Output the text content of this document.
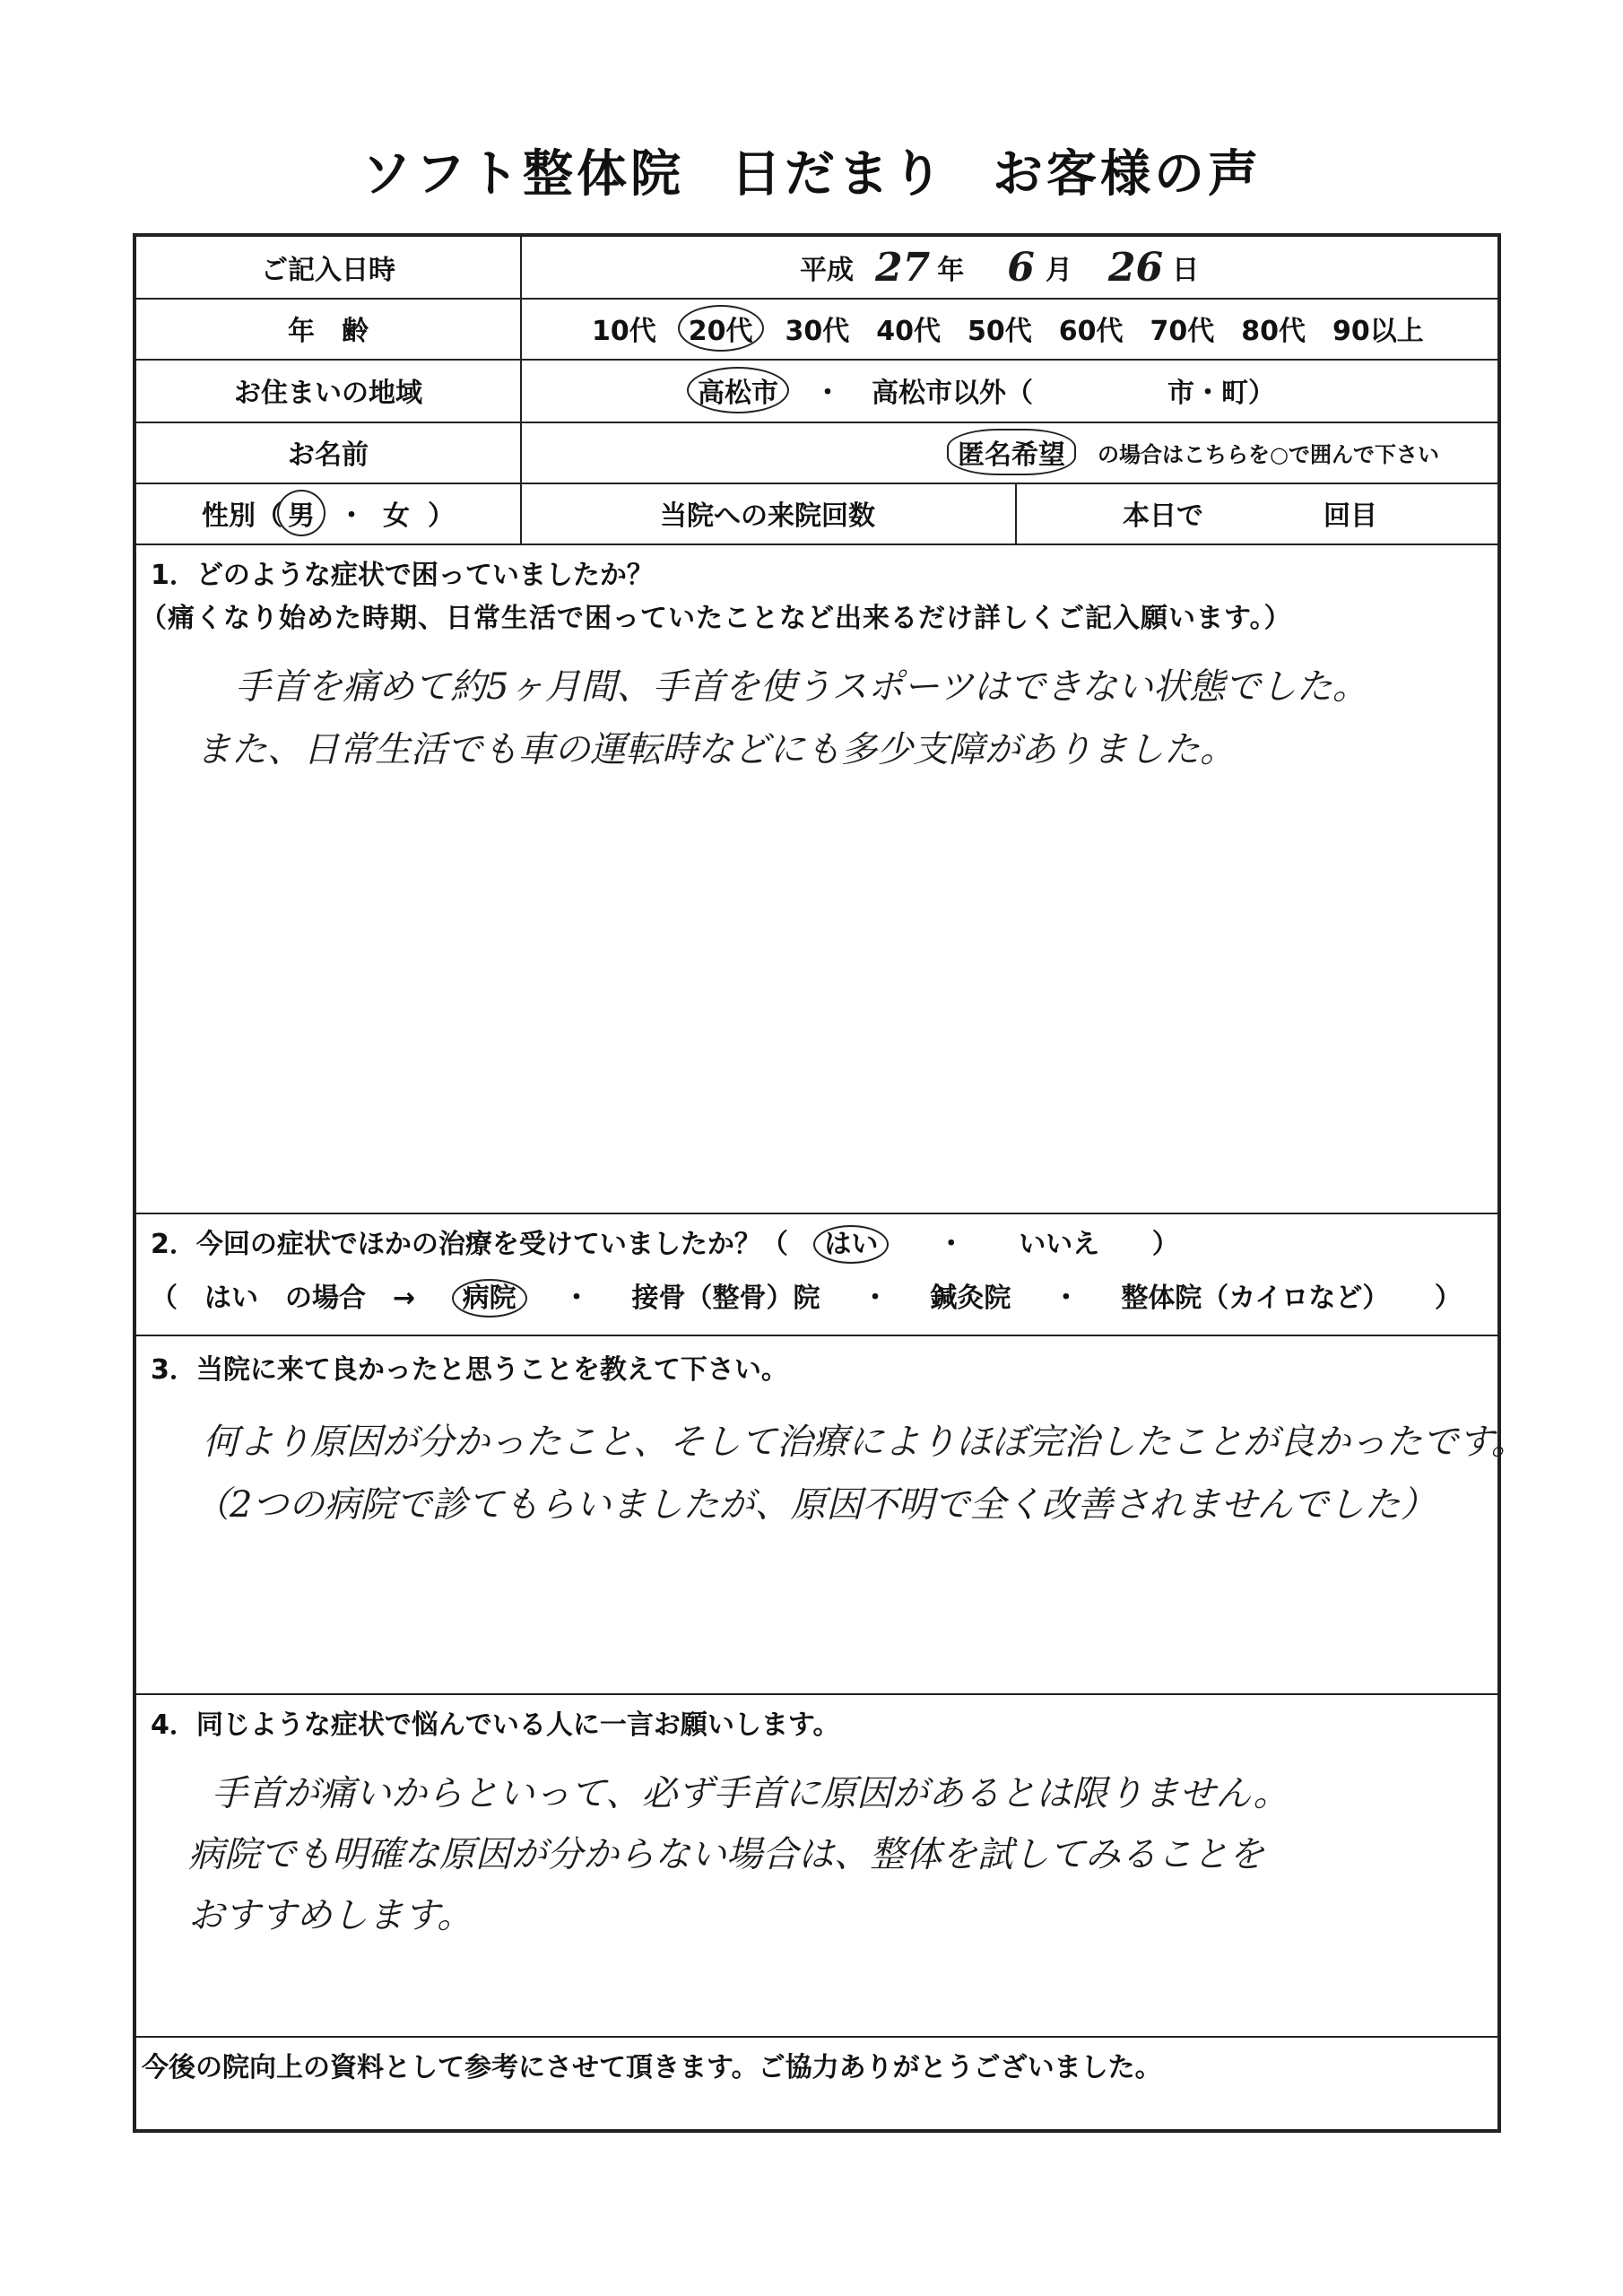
ソフト整体院 日だまり お客様の声
ご記入日時	平成 27 年 6 月 26 日
年　齢	10代	20代	30代 40代 50代 60代 70代 80代 90以上
お住まいの地域	高松市	・ 高松市以外（	市・町）
お名前	匿名希望	の場合はこちらを○で囲んで下さい
性別（ 男 ・ 女 ）	当院への来院回数	本日で	回目
1．どのような症状で困っていましたか？
（痛くなり始めた時期、日常生活で困っていたことなど出来るだけ詳しくご記入願います。）
手首を痛めて約5ヶ月間、手首を使うスポーツはできない状態でした。
また、日常生活でも車の運転時などにも多少支障がありました。
2．今回の症状でほかの治療を受けていましたか？（ はい ・ いいえ ）
（　はい　の場合　→ 病院 ・ 接骨（整骨）院 ・ 鍼灸院 ・ 整体院（カイロなど） ）
3．当院に来て良かったと思うことを教えて下さい。
何より原因が分かったこと、そして治療によりほぼ完治したことが良かったです。
（2つの病院で診てもらいましたが、原因不明で全く改善されませんでした）
4．同じような症状で悩んでいる人に一言お願いします。
手首が痛いからといって、必ず手首に原因があるとは限りません。
病院でも明確な原因が分からない場合は、整体を試してみることを
おすすめします。
今後の院向上の資料として参考にさせて頂きます。ご協力ありがとうございました。
